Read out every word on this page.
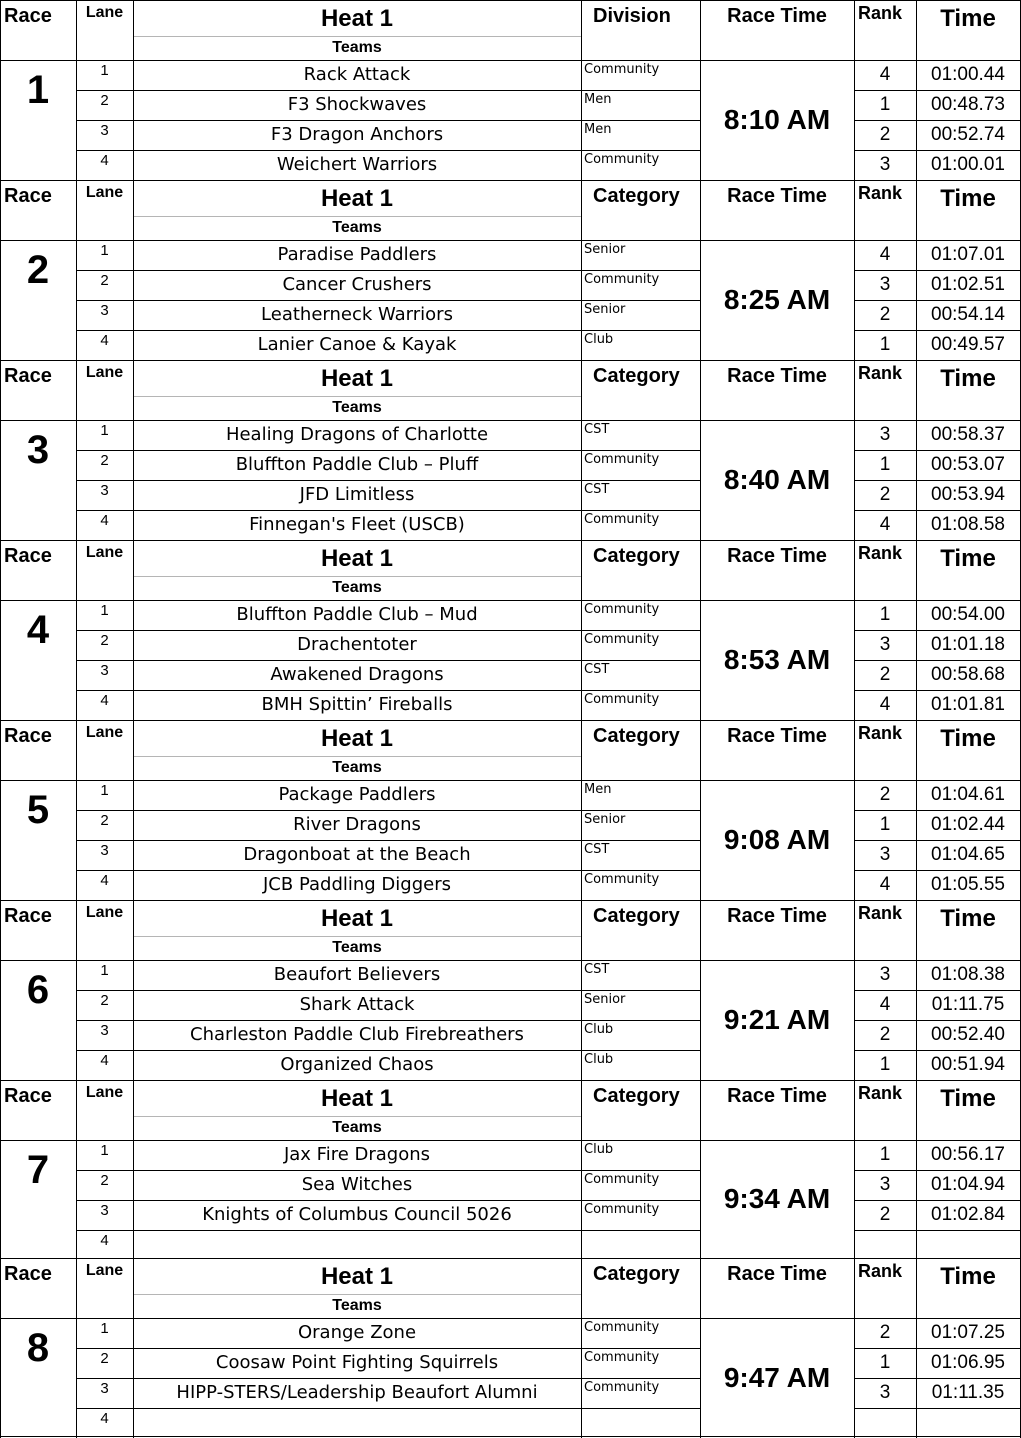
Race	Lane	Heat 1
Teams
Division	Race Time	Rank	Time
1
8:10 AM
1	Rack Attack	Community	4	01:00.44
2	F3 Shockwaves	Men	1	00:48.73
3	F3 Dragon Anchors	Men	2	00:52.74
4	Weichert Warriors	Community	3	01:00.01
Race	Lane	Heat 1
Teams
Category	Race Time	Rank	Time
2
8:25 AM
1	Paradise Paddlers	Senior	4	01:07.01
2	Cancer Crushers	Community	3	01:02.51
3	Leatherneck Warriors	Senior	2	00:54.14
4	Lanier Canoe & Kayak	Club	1	00:49.57
Race	Lane	Heat 1
Teams
Category	Race Time	Rank	Time
3
8:40 AM
1	Healing Dragons of Charlotte	CST	3	00:58.37
2	Bluffton Paddle Club – Pluff	Community	1	00:53.07
3	JFD Limitless	CST	2	00:53.94
4	Finnegan's Fleet (USCB)	Community	4	01:08.58
Race	Lane	Heat 1
Teams
Category	Race Time	Rank	Time
4
8:53 AM
1	Bluffton Paddle Club – Mud	Community	1	00:54.00
2	Drachentoter	Community	3	01:01.18
3	Awakened Dragons	CST	2	00:58.68
4	BMH Spittin’ Fireballs	Community	4	01:01.81
Race	Lane	Heat 1
Teams
Category	Race Time	Rank	Time
5
9:08 AM
1	Package Paddlers	Men	2	01:04.61
2	River Dragons	Senior	1	01:02.44
3	Dragonboat at the Beach	CST	3	01:04.65
4	JCB Paddling Diggers	Community	4	01:05.55
Race	Lane	Heat 1
Teams
Category	Race Time	Rank	Time
6
9:21 AM
1	Beaufort Believers	CST	3	01:08.38
2	Shark Attack	Senior	4	01:11.75
3	Charleston Paddle Club Firebreathers	Club	2	00:52.40
4	Organized Chaos	Club	1	00:51.94
Race	Lane	Heat 1
Teams
Category	Race Time	Rank	Time
7
9:34 AM
1	Jax Fire Dragons	Club	1	00:56.17
2	Sea Witches	Community	3	01:04.94
3	Knights of Columbus Council 5026	Community	2	01:02.84
4
Race	Lane	Heat 1
Teams
Category	Race Time	Rank	Time
8
9:47 AM
1	Orange Zone	Community	2	01:07.25
2	Coosaw Point Fighting Squirrels	Community	1	01:06.95
3	HIPP-STERS/Leadership Beaufort Alumni	Community	3	01:11.35
4
